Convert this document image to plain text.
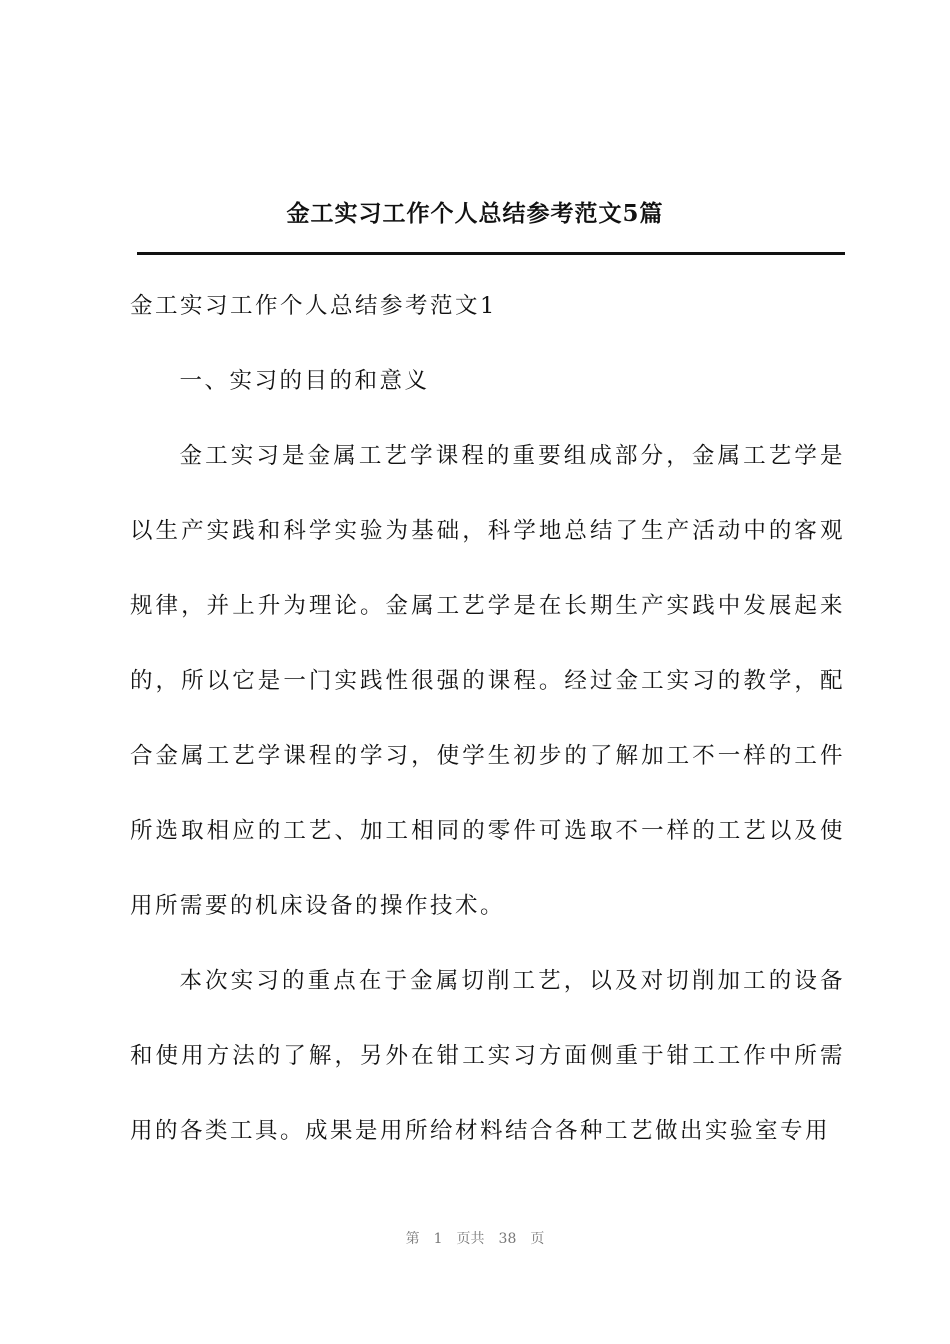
金工实习工作个人总结参考范文5篇

金工实习工作个人总结参考范文1

一、实习的目的和意义

金工实习是金属工艺学课程的重要组成部分，金属工艺学是以生产实践和科学实验为基础，科学地总结了生产活动中的客观规律，并上升为理论。金属工艺学是在长期生产实践中发展起来的，所以它是一门实践性很强的课程。经过金工实习的教学，配合金属工艺学课程的学习，使学生初步的了解加工不一样的工件所选取相应的工艺、加工相同的零件可选取不一样的工艺以及使用所需要的机床设备的操作技术。

本次实习的重点在于金属切削工艺，以及对切削加工的设备和使用方法的了解，另外在钳工实习方面侧重于钳工工作中所需用的各类工具。成果是用所给材料结合各种工艺做出实验室专用

第 1 页共 38 页
